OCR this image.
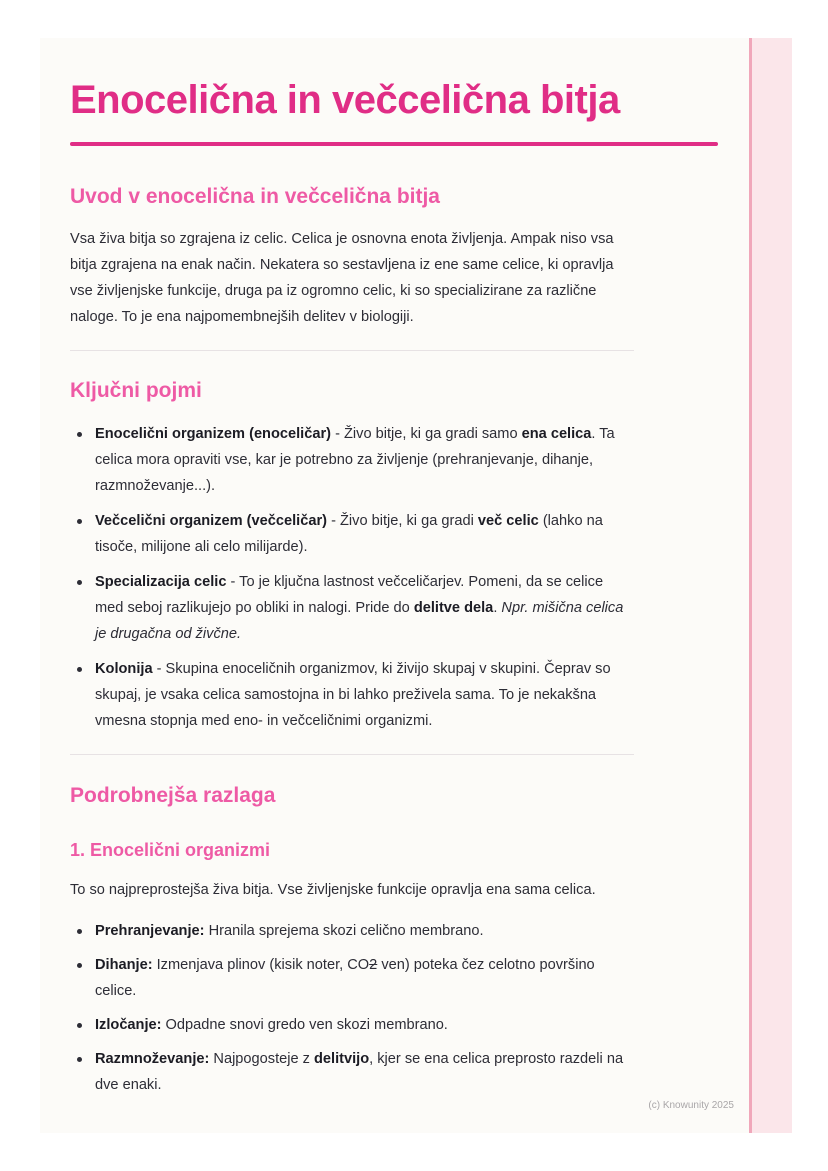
Enocelična in večcelična bitja
Uvod v enocelična in večcelična bitja

Vsa živa bitja so zgrajena iz celic. Celica je osnovna enota življenja. Ampak niso vsa bitja zgrajena na enak način. Nekatera so sestavljena iz ene same celice, ki opravlja vse življenjske funkcije, druga pa iz ogromno celic, ki so specializirane za različne naloge. To je ena najpomembnejših delitev v biologiji.

Ključni pojmi
Enocelični organizem (enoceličar) - Živo bitje, ki ga gradi samo ena celica. Ta celica mora opraviti vse, kar je potrebno za življenje (prehranjevanje, dihanje, razmnoževanje...).
Večcelični organizem (večceličar) - Živo bitje, ki ga gradi več celic (lahko na tisoče, milijone ali celo milijarde).
Specializacija celic - To je ključna lastnost večceličarjev. Pomeni, da se celice med seboj razlikujejo po obliki in nalogi. Pride do delitve dela. Npr. mišična celica je drugačna od živčne.
Kolonija - Skupina enoceličnih organizmov, ki živijo skupaj v skupini. Čeprav so skupaj, je vsaka celica samostojna in bi lahko preživela sama. To je nekakšna vmesna stopnja med eno- in večceličnimi organizmi.
Podrobnejša razlaga
1. Enocelični organizmi

To so najpreprostejša živa bitja. Vse življenjske funkcije opravlja ena sama celica.

Prehranjevanje: Hranila sprejema skozi celično membrano.
Dihanje: Izmenjava plinov (kisik noter, CO2 ven) poteka čez celotno površino celice.
Izločanje: Odpadne snovi gredo ven skozi membrano.
Razmnoževanje: Najpogosteje z delitvijo, kjer se ena celica preprosto razdeli na dve enaki.
(c) Knowunity 2025
